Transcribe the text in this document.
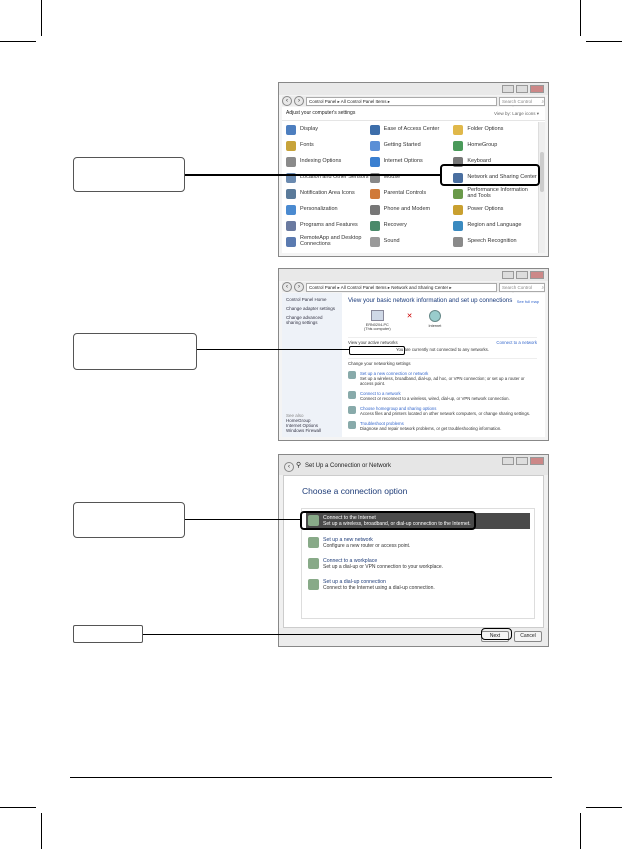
‹	›	Control Panel ▸ All Control Panel Items ▸	Search Control	⌕
Adjust your computer's settings	View by: Large icons ▾
Display	Ease of Access Center	Folder Options
Fonts	Getting Started	HomeGroup
Indexing Options	Internet Options	Keyboard
Location and Other Sensors	Mouse	Network and Sharing Center
Notification Area Icons	Parental Controls	Performance Information and Tools
Personalization	Phone and Modem	Power Options
Programs and Features	Recovery	Region and Language
RemoteApp and Desktop Connections	Sound	Speech Recognition
‹	›	Control Panel ▸ All Control Panel Items ▸ Network and Sharing Center ▸	Search Control	⌕
Control Panel Home
Change adapter settings
Change advanced sharing settings
See also
HomeGroup
Internet Options
Windows Firewall
View your basic network information and set up connections	See full map
ERN0204-PC
(This computer)
✕
Internet
View your active networks	Connect to a network
You are currently not connected to any networks.
Change your networking settings
Set up a new connection or network
Set up a wireless, broadband, dial-up, ad hoc, or VPN connection; or set up a router or access point.
Connect to a network
Connect or reconnect to a wireless, wired, dial-up, or VPN network connection.
Choose homegroup and sharing options
Access files and printers located on other network computers, or change sharing settings.
Troubleshoot problems
Diagnose and repair network problems, or get troubleshooting information.
‹ ⚲ Set Up a Connection or Network
Choose a connection option
Connect to the Internet
Set up a wireless, broadband, or dial-up connection to the Internet.
Set up a new network
Configure a new router or access point.
Connect to a workplace
Set up a dial-up or VPN connection to your workplace.
Set up a dial-up connection
Connect to the Internet using a dial-up connection.
Next	Cancel
